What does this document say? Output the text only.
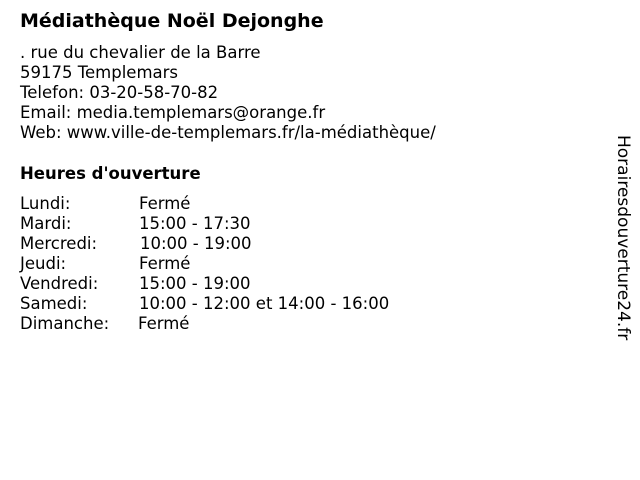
Médiathèque Noël Dejonghe
. rue du chevalier de la Barre
59175 Templemars
Telefon: 03-20-58-70-82
Email: media.templemars@orange.fr
Web: www.ville-de-templemars.fr/la-médiathèque/
Heures d'ouverture
Lundi:	Fermé
Mardi:	15:00 - 17:30
Mercredi:	10:00 - 19:00
Jeudi:	Fermé
Vendredi: 15:00 - 19:00
Samedi:	10:00 - 12:00 et 14:00 - 16:00
Dimanche: Fermé	Horairesdouverture24.fr
